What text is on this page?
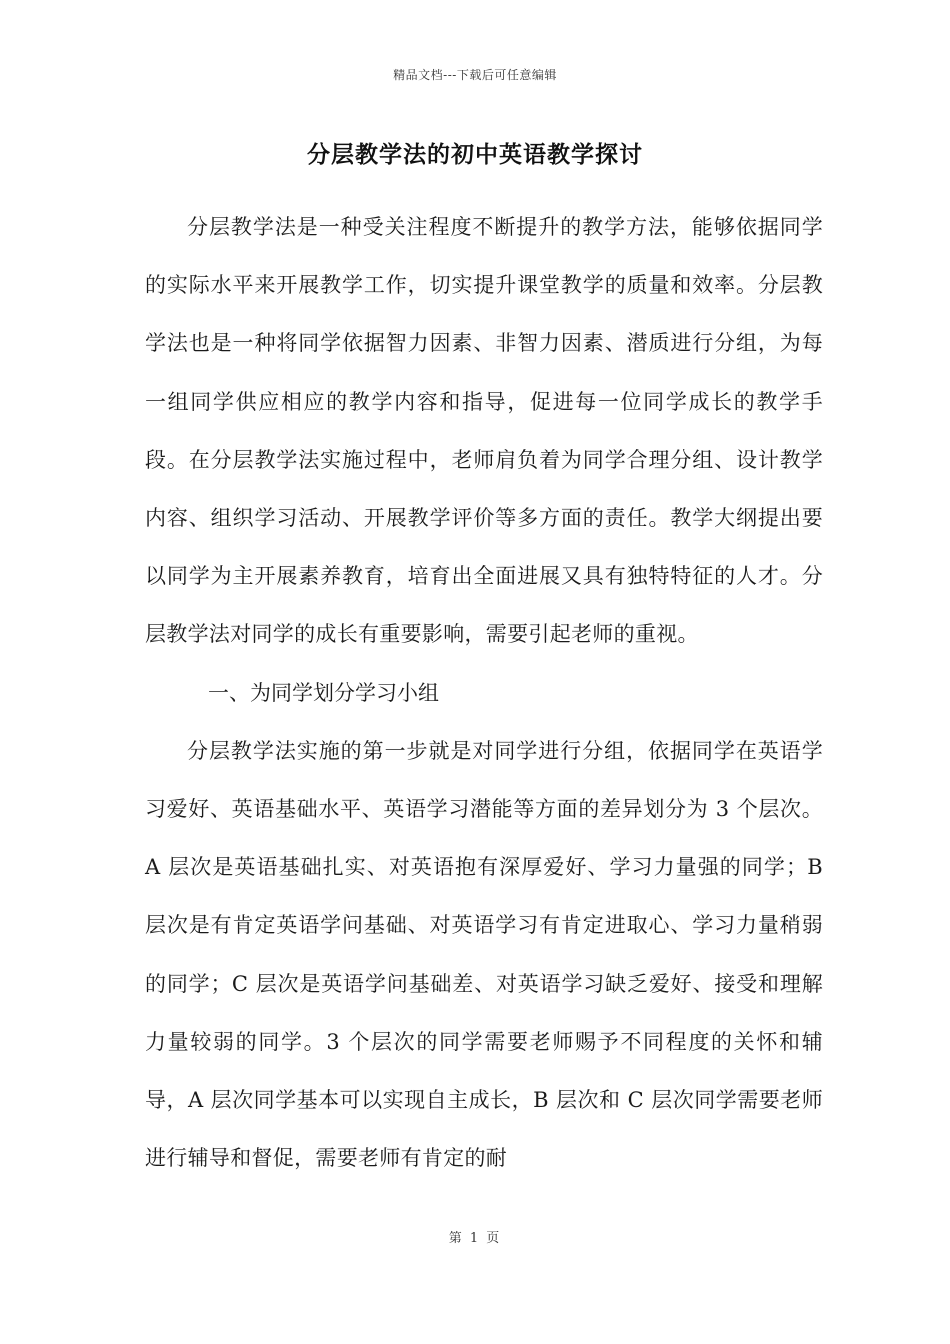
精品文档---下载后可任意编辑
分层教学法的初中英语教学探讨

分层教学法是一种受关注程度不断提升的教学方法，能够依据同学的实际水平来开展教学工作，切实提升课堂教学的质量和效率。分层教学法也是一种将同学依据智力因素、非智力因素、潜质进行分组，为每一组同学供应相应的教学内容和指导，促进每一位同学成长的教学手段。在分层教学法实施过程中，老师肩负着为同学合理分组、设计教学内容、组织学习活动、开展教学评价等多方面的责任。教学大纲提出要以同学为主开展素养教育，培育出全面进展又具有独特特征的人才。分层教学法对同学的成长有重要影响，需要引起老师的重视。

一、为同学划分学习小组

分层教学法实施的第一步就是对同学进行分组，依据同学在英语学习爱好、英语基础水平、英语学习潜能等方面的差异划分为 3 个层次。A 层次是英语基础扎实、对英语抱有深厚爱好、学习力量强的同学；B 层次是有肯定英语学问基础、对英语学习有肯定进取心、学习力量稍弱的同学；C 层次是英语学问基础差、对英语学习缺乏爱好、接受和理解力量较弱的同学。3 个层次的同学需要老师赐予不同程度的关怀和辅导，A 层次同学基本可以实现自主成长，B 层次和 C 层次同学需要老师进行辅导和督促，需要老师有肯定的耐

第 1 页
